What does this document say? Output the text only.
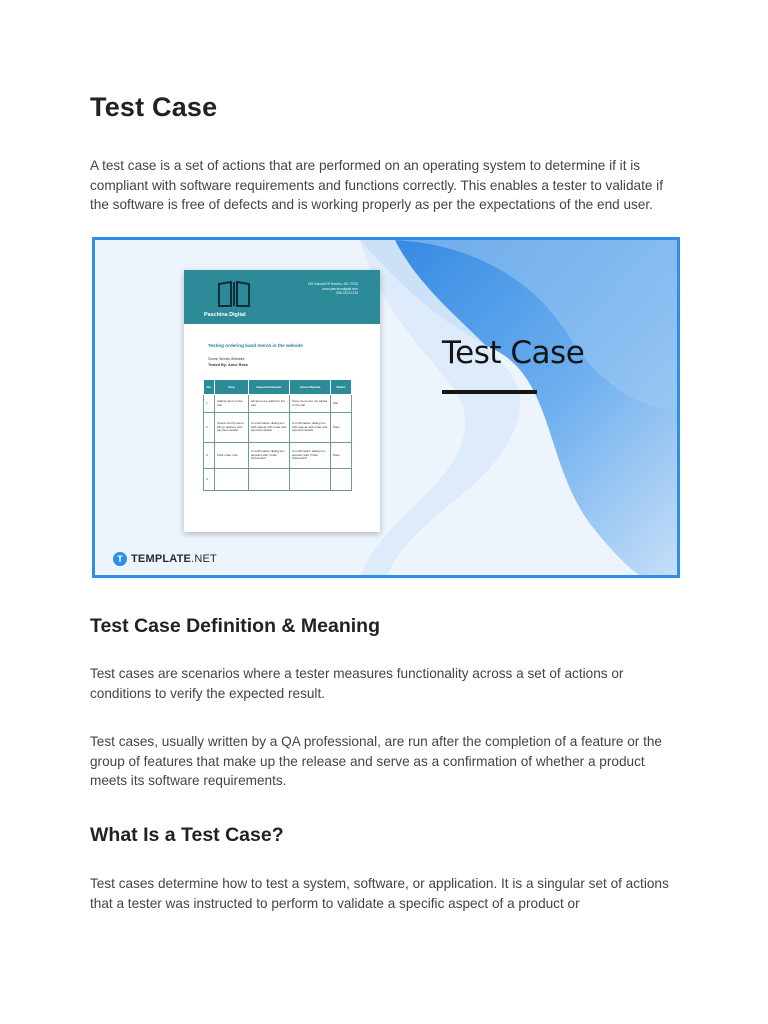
Test Case

A test case is a set of actions that are performed on an operating system to determine if it is compliant with software requirements and functions correctly. This enables a tester to validate if the software is free of defects and is working properly as per the expectations of the end user.

Paschina Digital
199 Victoria RR Rancho, ND 77023
www.paschinadigital.com
555-0123-1234
Testing ordering band merch in the website
Some Words Website
Tested By: Anne Ross
No.	Step	Expected Results	Actual Results	Status
1	Adding items to the cart	All items are added to the cart	Some items are not added to the cart	Fail
2	Check out the items. Fill up delivery and payment details	A confirmation dialog box with appear with order and payment details	A confirmation dialog box with appear with order and payment details	Pass
3	Click order now	A confirmation dialog box appears with 'Order Successful'	A confirmation dialog box appears with 'Order Successful'	Pass
4				
Test Case
T TEMPLATE.NET
Test Case Definition & Meaning

Test cases are scenarios where a tester measures functionality across a set of actions or conditions to verify the expected result.

Test cases, usually written by a QA professional, are run after the completion of a feature or the group of features that make up the release and serve as a confirmation of whether a product meets its software requirements.

What Is a Test Case?

Test cases determine how to test a system, software, or application. It is a singular set of actions that a tester was instructed to perform to validate a specific aspect of a product or
